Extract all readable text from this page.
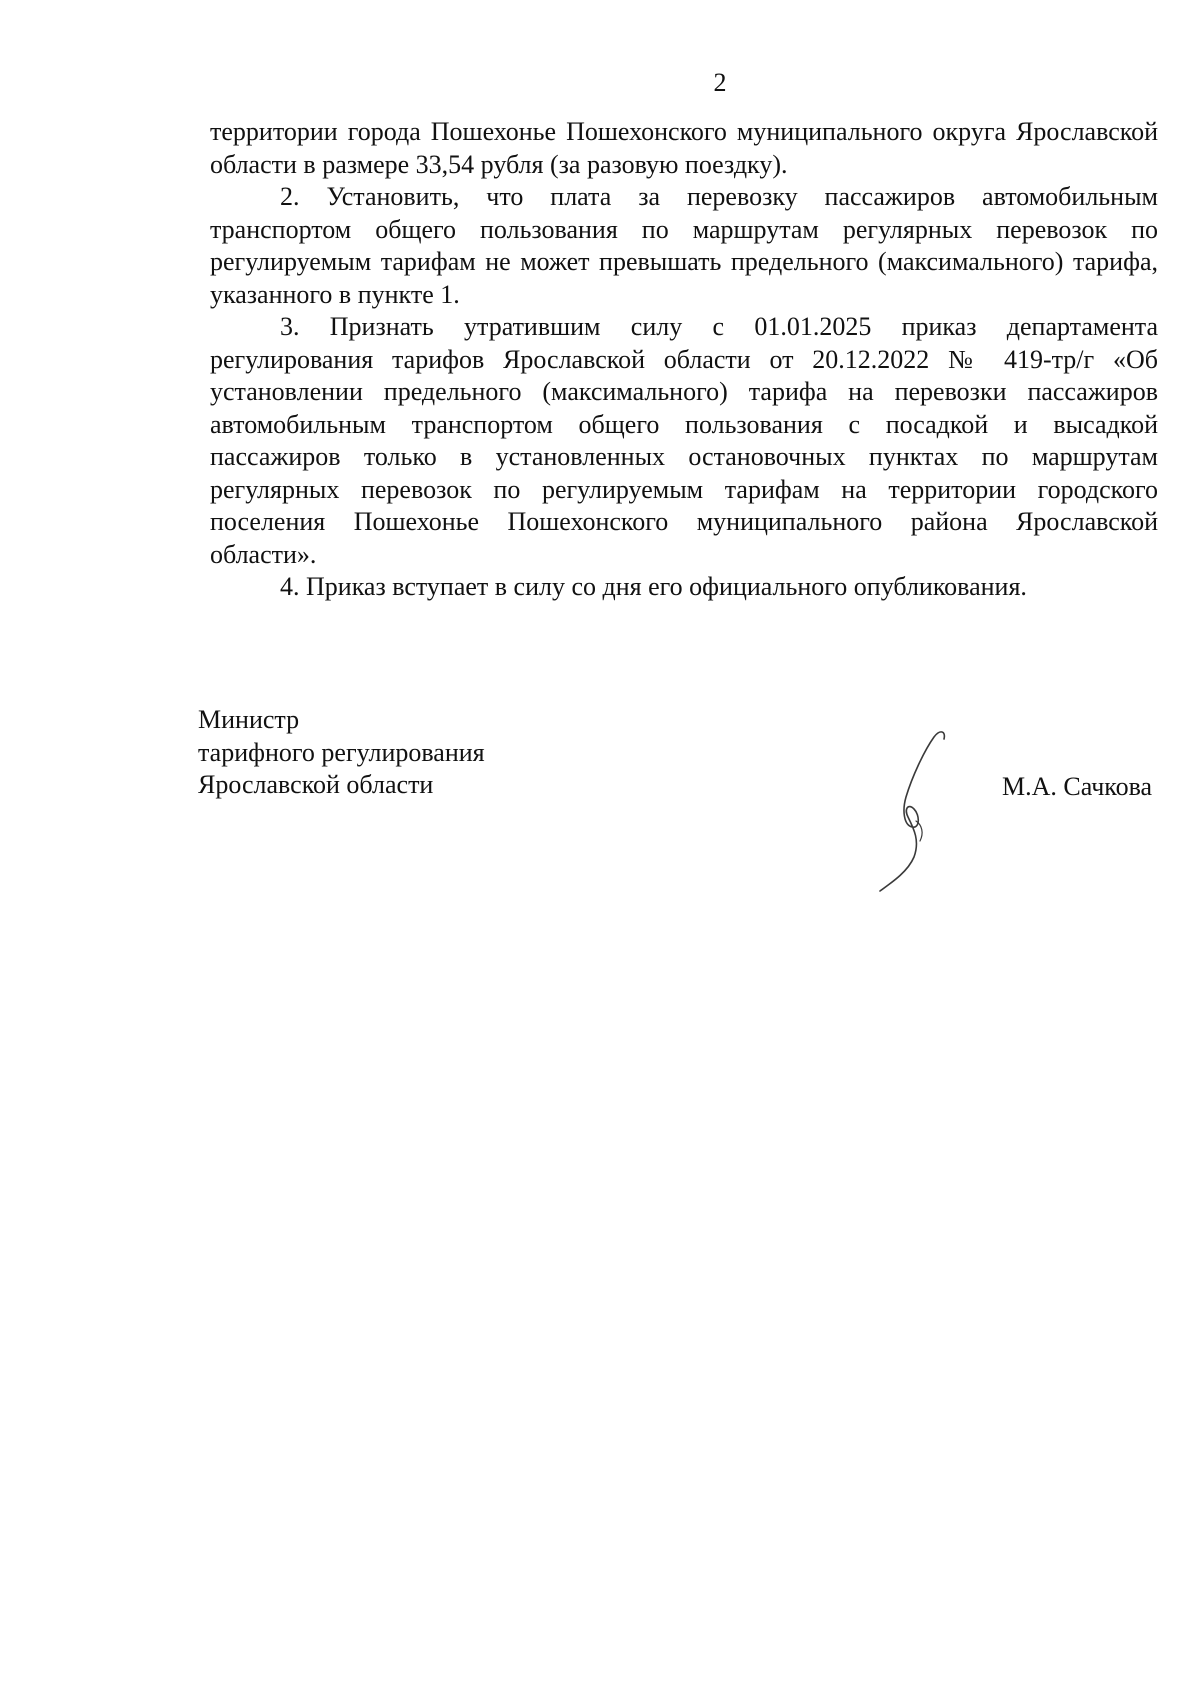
2

территории города Пошехонье Пошехонского муниципального округа Ярославской области в размере 33,54 рубля (за разовую поездку).

2. Установить, что плата за перевозку пассажиров автомобильным транспортом общего пользования по маршрутам регулярных перевозок по регулируемым тарифам не может превышать предельного (максимального) тарифа, указанного в пункте 1.

3. Признать утратившим силу с 01.01.2025 приказ департамента регулирования тарифов Ярославской области от 20.12.2022 № 419-тр/г «Об установлении предельного (максимального) тарифа на перевозки пассажиров автомобильным транспортом общего пользования с посадкой и высадкой пассажиров только в установленных остановочных пунктах по маршрутам регулярных перевозок по регулируемым тарифам на территории городского поселения Пошехонье Пошехонского муниципального района Ярославской области».

4. Приказ вступает в силу со дня его официального опубликования.

Министр
тарифного регулирования
Ярославской области	М.А. Сачкова
